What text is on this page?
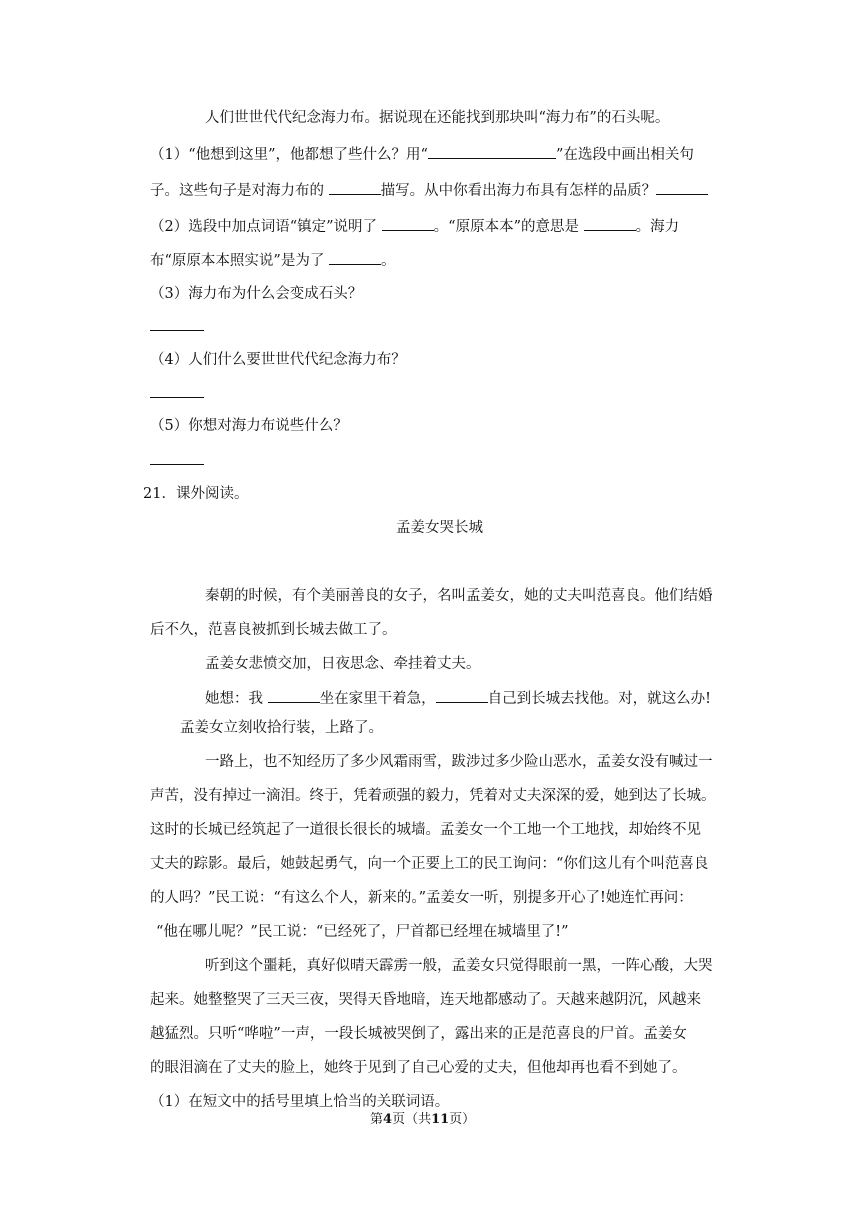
人们世世代代纪念海力布。据说现在还能找到那块叫“海力布”的石头呢。
（1）“他想到这里”，他都想了些什么？用“	”在选段中画出相关句
子。这些句子是对海力布的	描写。从中你看出海力布具有怎样的品质？
（2）选段中加点词语“镇定”说明了	。“原原本本”的意思是	。海力
布“原原本本照实说”是为了	。
（3）海力布为什么会变成石头？
（4）人们什么要世世代代纪念海力布？
（5）你想对海力布说些什么？
21．课外阅读。
孟姜女哭长城
秦朝的时候，有个美丽善良的女子，名叫孟姜女，她的丈夫叫范喜良。他们结婚
后不久，范喜良被抓到长城去做工了。
孟姜女悲愤交加，日夜思念、牵挂着丈夫。
她想：我	坐在家里干着急，	自己到长城去找他。对，就这么办!
孟姜女立刻收拾行装，上路了。
一路上，也不知经历了多少风霜雨雪，跋涉过多少险山恶水，孟姜女没有喊过一
声苦，没有掉过一滴泪。终于，凭着顽强的毅力，凭着对丈夫深深的爱，她到达了长城。
这时的长城已经筑起了一道很长很长的城墙。孟姜女一个工地一个工地找，却始终不见
丈夫的踪影。最后，她鼓起勇气，向一个正要上工的民工询问：“你们这儿有个叫范喜良
的人吗？”民工说：“有这么个人，新来的。”孟姜女一听，别提多开心了!她连忙再问：
“他在哪儿呢？”民工说：“已经死了，尸首都已经埋在城墙里了!”
听到这个噩耗，真好似晴天霹雳一般，孟姜女只觉得眼前一黑，一阵心酸，大哭
起来。她整整哭了三天三夜，哭得天昏地暗，连天地都感动了。天越来越阴沉，风越来
越猛烈。只听“哗啦”一声，一段长城被哭倒了，露出来的正是范喜良的尸首。孟姜女
的眼泪滴在了丈夫的脸上，她终于见到了自己心爱的丈夫，但他却再也看不到她了。
（1）在短文中的括号里填上恰当的关联词语。
第4页（共11页）
